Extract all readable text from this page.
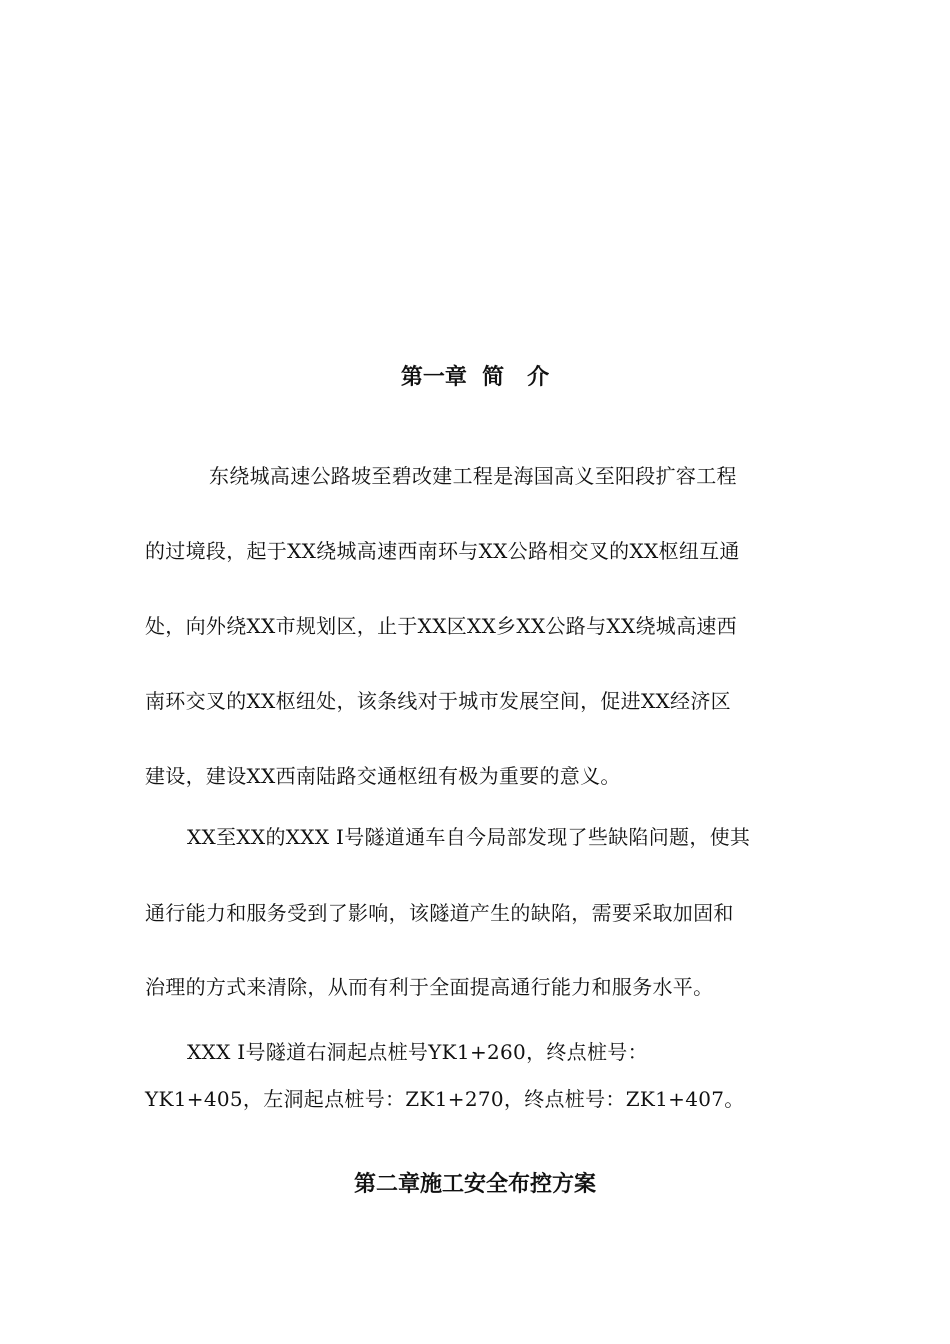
第一章  简   介
东绕城高速公路坡至碧改建工程是海国高义至阳段扩容工程
的过境段，起于XX绕城高速西南环与XX公路相交叉的XX枢纽互通
处，向外绕XX市规划区，止于XX区XX乡XX公路与XX绕城高速西
南环交叉的XX枢纽处，该条线对于城市发展空间，促进XX经济区
建设，建设XX西南陆路交通枢纽有极为重要的意义。
XX至XX的XXX Ⅰ号隧道通车自今局部发现了些缺陷问题，使其
通行能力和服务受到了影响，该隧道产生的缺陷，需要采取加固和
治理的方式来清除，从而有利于全面提高通行能力和服务水平。
XXX Ⅰ号隧道右洞起点桩号YK1+260，终点桩号：
YK1+405，左洞起点桩号：ZK1+270，终点桩号：ZK1+407。
第二章施工安全布控方案
